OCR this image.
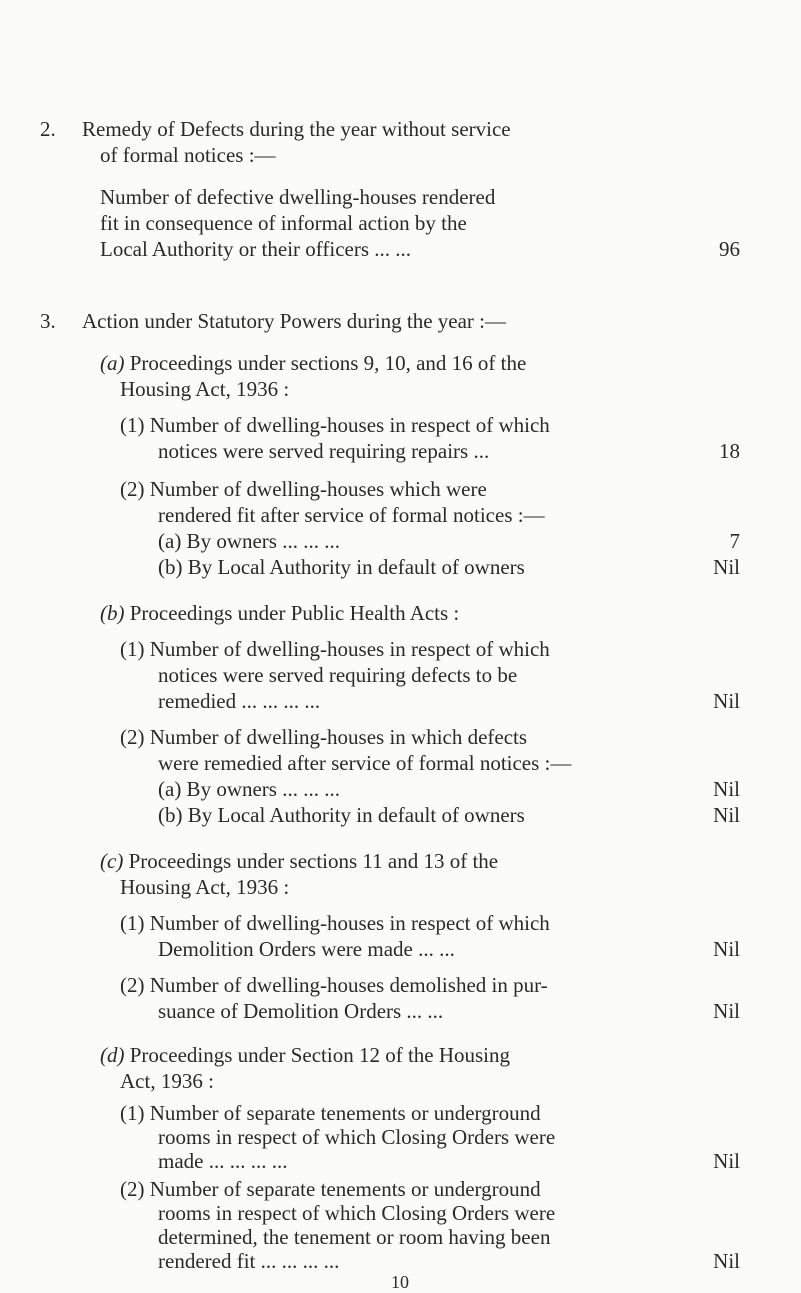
2. Remedy of Defects during the year without service
of formal notices :—
Number of defective dwelling-houses rendered
fit in consequence of informal action by the
Local Authority or their officers ... ...	96
3. Action under Statutory Powers during the year :—
(a) Proceedings under sections 9, 10, and 16 of the
Housing Act, 1936 :
(1) Number of dwelling-houses in respect of which
notices were served requiring repairs ...	18
(2) Number of dwelling-houses which were
rendered fit after service of formal notices :—
(a) By owners ... ... ...	7
(b) By Local Authority in default of owners	Nil
(b) Proceedings under Public Health Acts :
(1) Number of dwelling-houses in respect of which
notices were served requiring defects to be
remedied ... ... ... ...	Nil
(2) Number of dwelling-houses in which defects
were remedied after service of formal notices :—
(a) By owners ... ... ...	Nil
(b) By Local Authority in default of owners	Nil
(c) Proceedings under sections 11 and 13 of the
Housing Act, 1936 :
(1) Number of dwelling-houses in respect of which
Demolition Orders were made ... ...	Nil
(2) Number of dwelling-houses demolished in pur-
suance of Demolition Orders ... ...	Nil
(d) Proceedings under Section 12 of the Housing
Act, 1936 :
(1) Number of separate tenements or underground
rooms in respect of which Closing Orders were
made ... ... ... ...	Nil
(2) Number of separate tenements or underground
rooms in respect of which Closing Orders were
determined, the tenement or room having been
rendered fit ... ... ... ...	Nil
10
